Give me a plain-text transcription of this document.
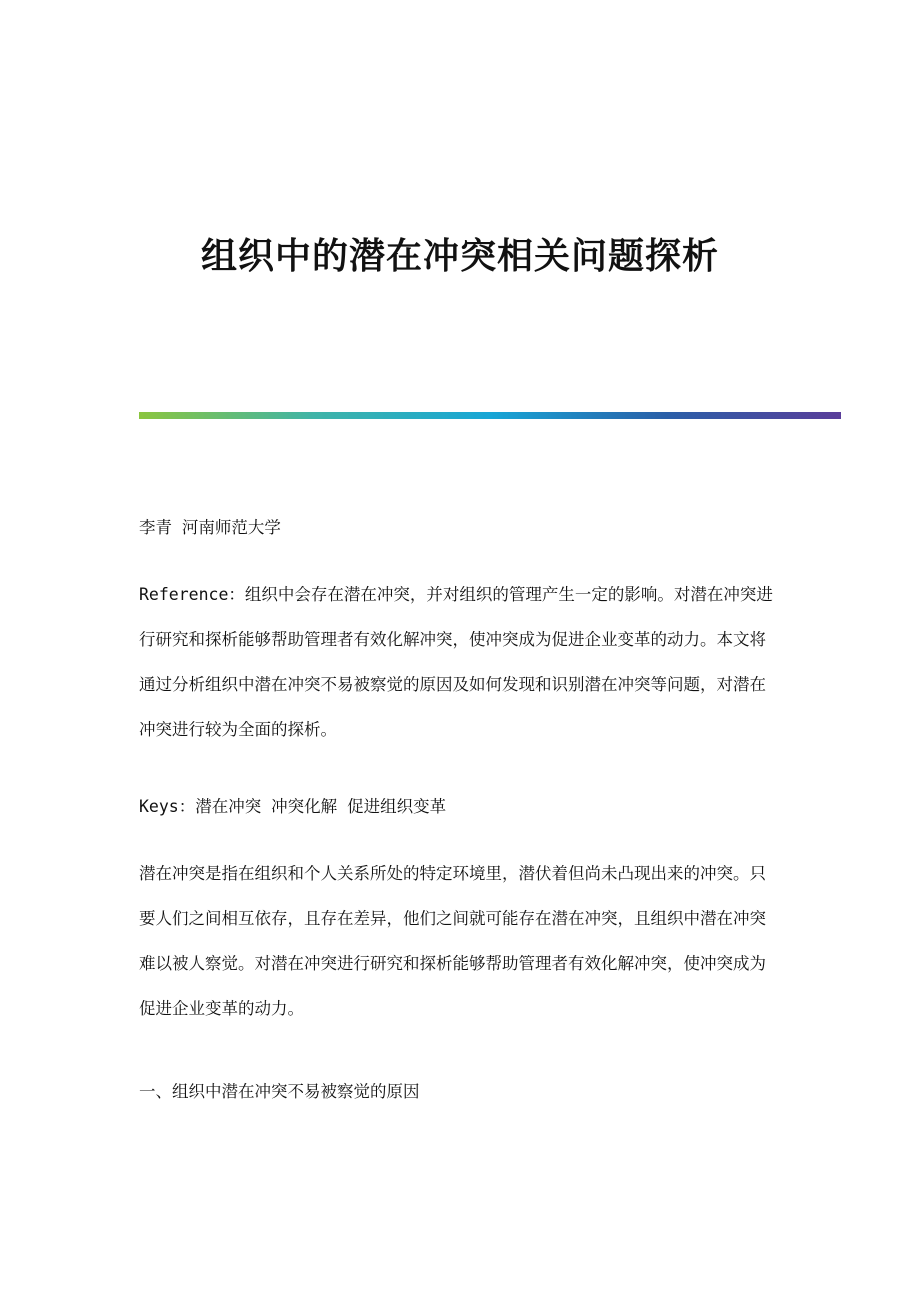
组织中的潜在冲突相关问题探析

李青 河南师范大学

Reference：组织中会存在潜在冲突，并对组织的管理产生一定的影响。对潜在冲突进行研究和探析能够帮助管理者有效化解冲突，使冲突成为促进企业变革的动力。本文将通过分析组织中潜在冲突不易被察觉的原因及如何发现和识别潜在冲突等问题，对潜在冲突进行较为全面的探析。

Keys：潜在冲突 冲突化解 促进组织变革

潜在冲突是指在组织和个人关系所处的特定环境里，潜伏着但尚未凸现出来的冲突。只要人们之间相互依存，且存在差异，他们之间就可能存在潜在冲突，且组织中潜在冲突难以被人察觉。对潜在冲突进行研究和探析能够帮助管理者有效化解冲突，使冲突成为促进企业变革的动力。

一、组织中潜在冲突不易被察觉的原因
